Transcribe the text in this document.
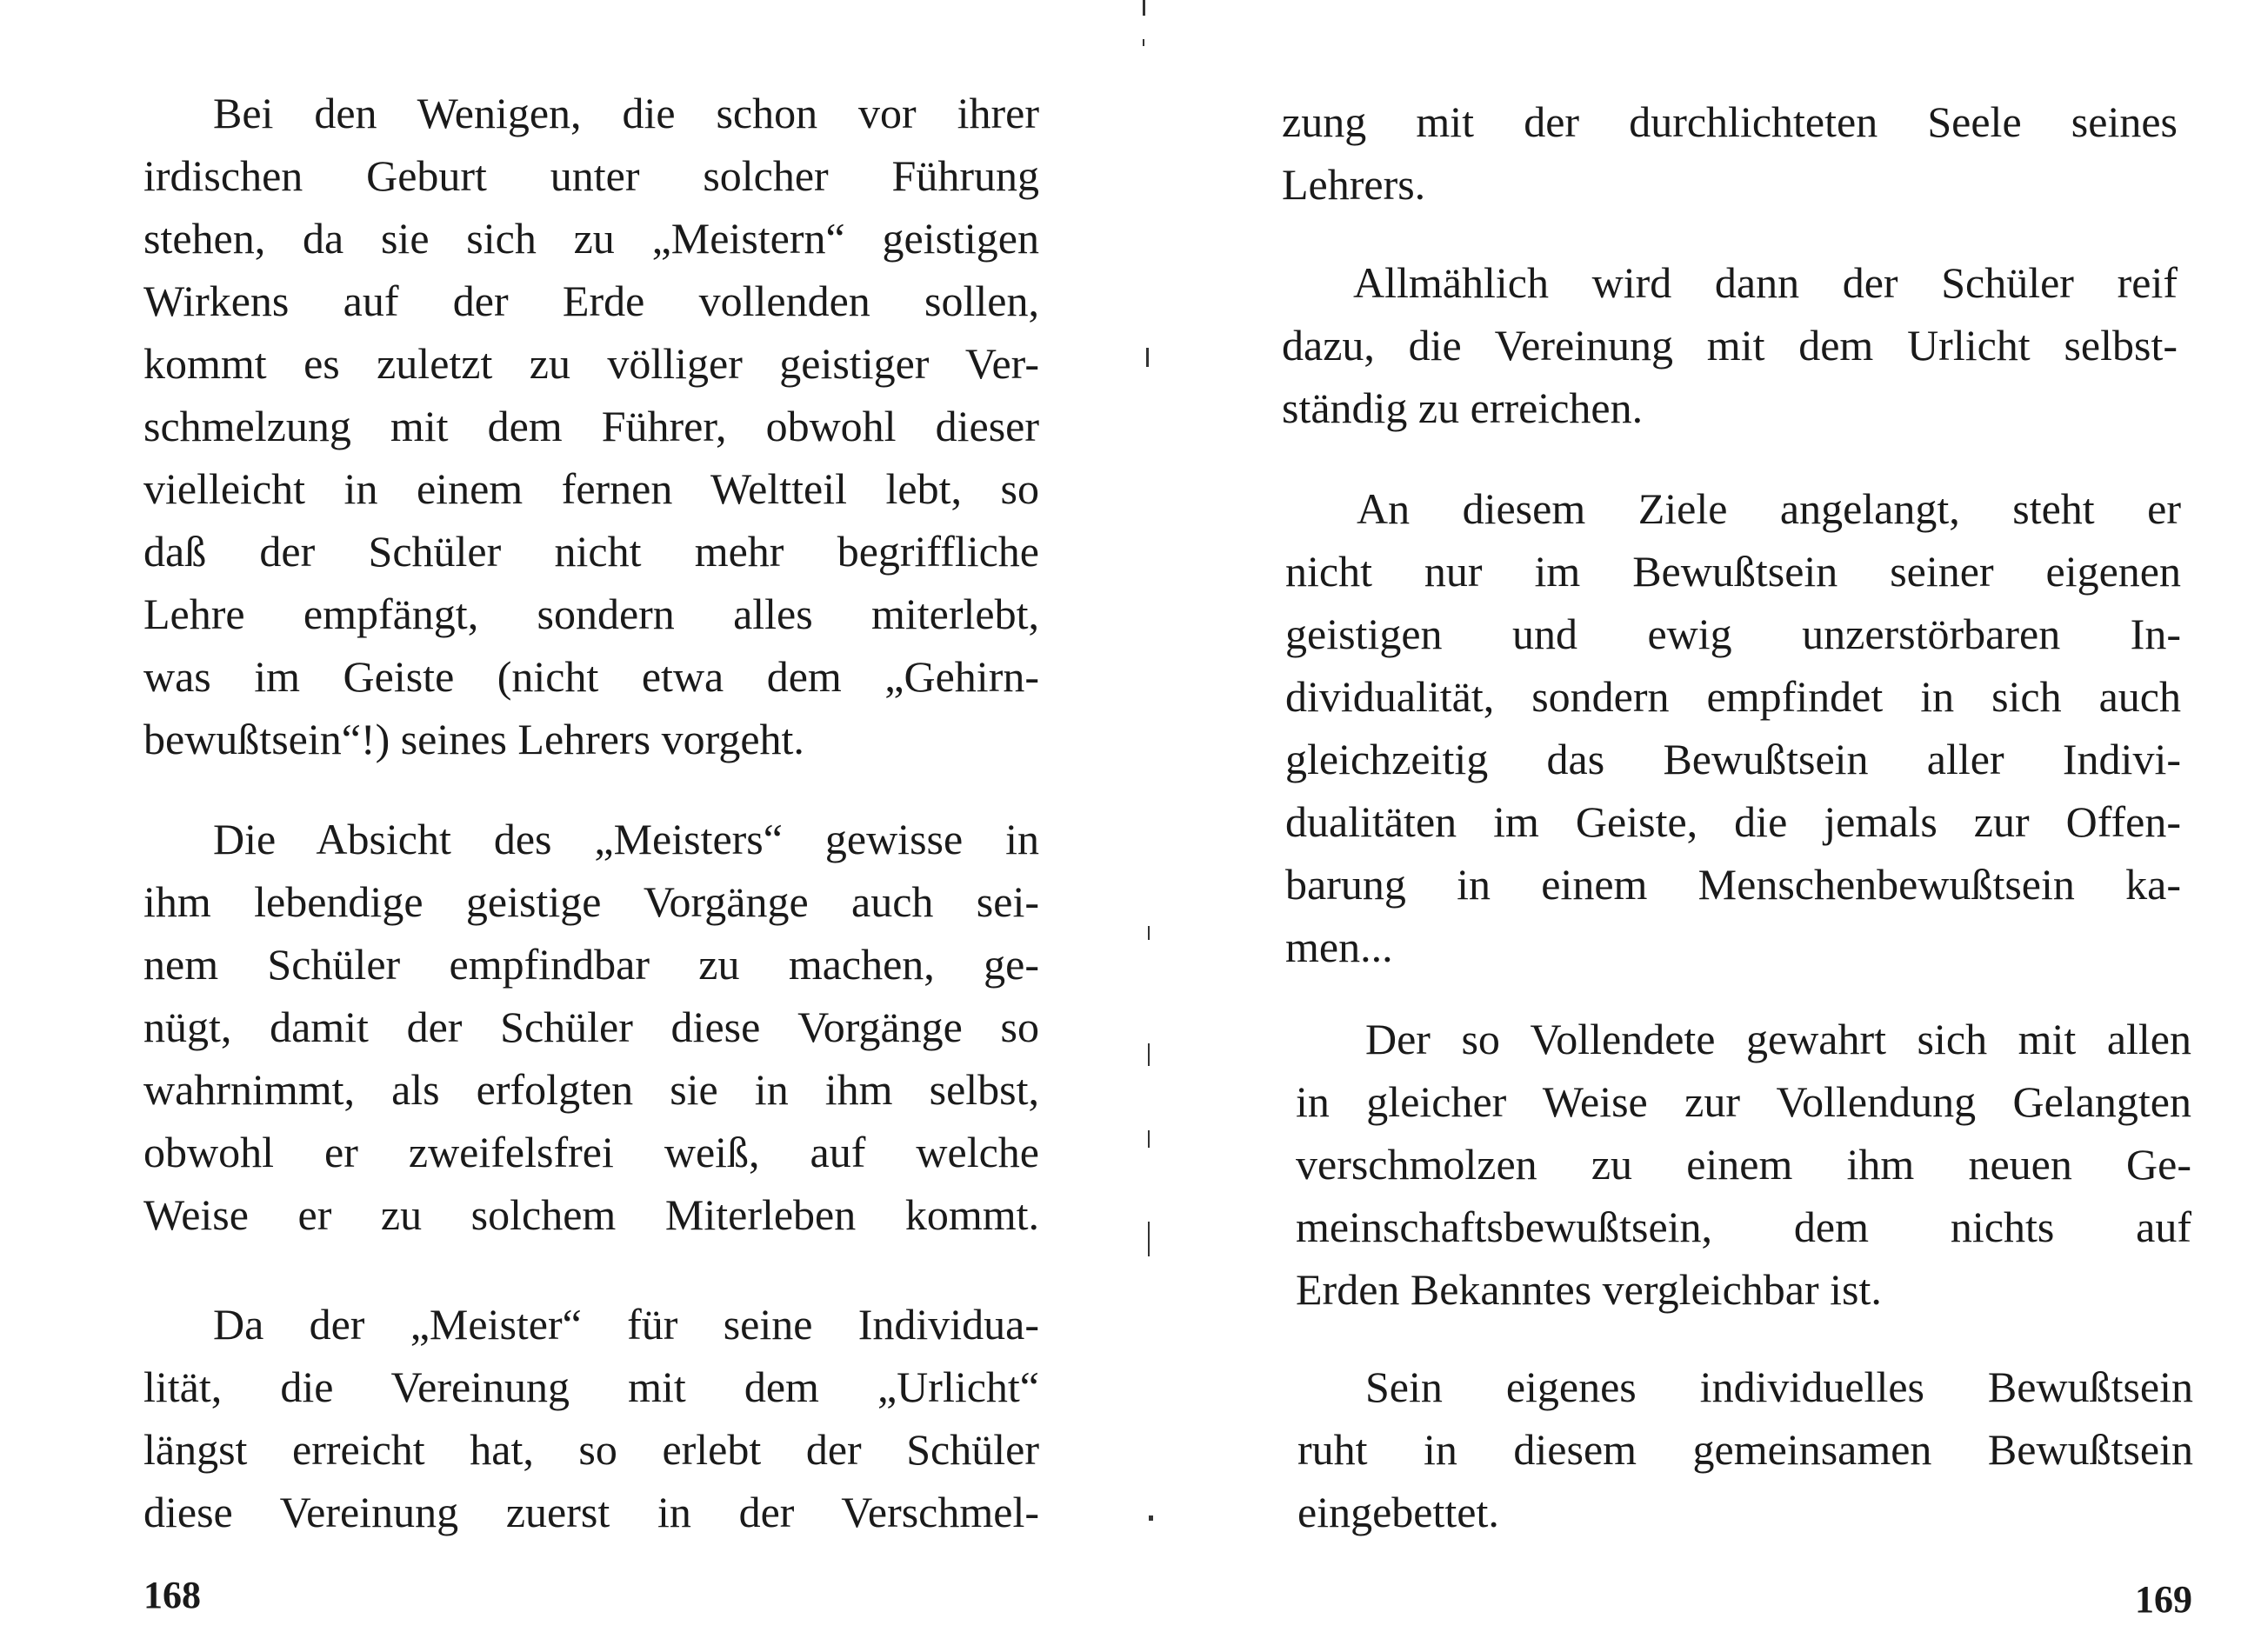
Bei den Wenigen, die schon vor ihrer
irdischen Geburt unter solcher Führung
stehen, da sie sich zu „Meistern“ geistigen
Wirkens auf der Erde vollenden sollen,
kommt es zuletzt zu völliger geistiger Ver-
schmelzung mit dem Führer, obwohl dieser
vielleicht in einem fernen Weltteil lebt, so
daß der Schüler nicht mehr begriffliche
Lehre empfängt, sondern alles miterlebt,
was im Geiste (nicht etwa dem „Gehirn-
bewußtsein“!) seines Lehrers vorgeht.
Die Absicht des „Meisters“ gewisse in
ihm lebendige geistige Vorgänge auch sei-
nem Schüler empfindbar zu machen, ge-
nügt, damit der Schüler diese Vorgänge so
wahrnimmt, als erfolgten sie in ihm selbst,
obwohl er zweifelsfrei weiß, auf welche
Weise er zu solchem Miterleben kommt.
Da der „Meister“ für seine Individua-
lität, die Vereinung mit dem „Urlicht“
längst erreicht hat, so erlebt der Schüler
diese Vereinung zuerst in der Verschmel-
168
zung mit der durchlichteten Seele seines
Lehrers.
Allmählich wird dann der Schüler reif
dazu, die Vereinung mit dem Urlicht selbst-
ständig zu erreichen.
An diesem Ziele angelangt, steht er
nicht nur im Bewußtsein seiner eigenen
geistigen und ewig unzerstörbaren In-
dividualität, sondern empfindet in sich auch
gleichzeitig das Bewußtsein aller Indivi-
dualitäten im Geiste, die jemals zur Offen-
barung in einem Menschenbewußtsein ka-
men...
Der so Vollendete gewahrt sich mit allen
in gleicher Weise zur Vollendung Gelangten
verschmolzen zu einem ihm neuen Ge-
meinschaftsbewußtsein, dem nichts auf
Erden Bekanntes vergleichbar ist.
Sein eigenes individuelles Bewußtsein
ruht in diesem gemeinsamen Bewußtsein
eingebettet.
169
